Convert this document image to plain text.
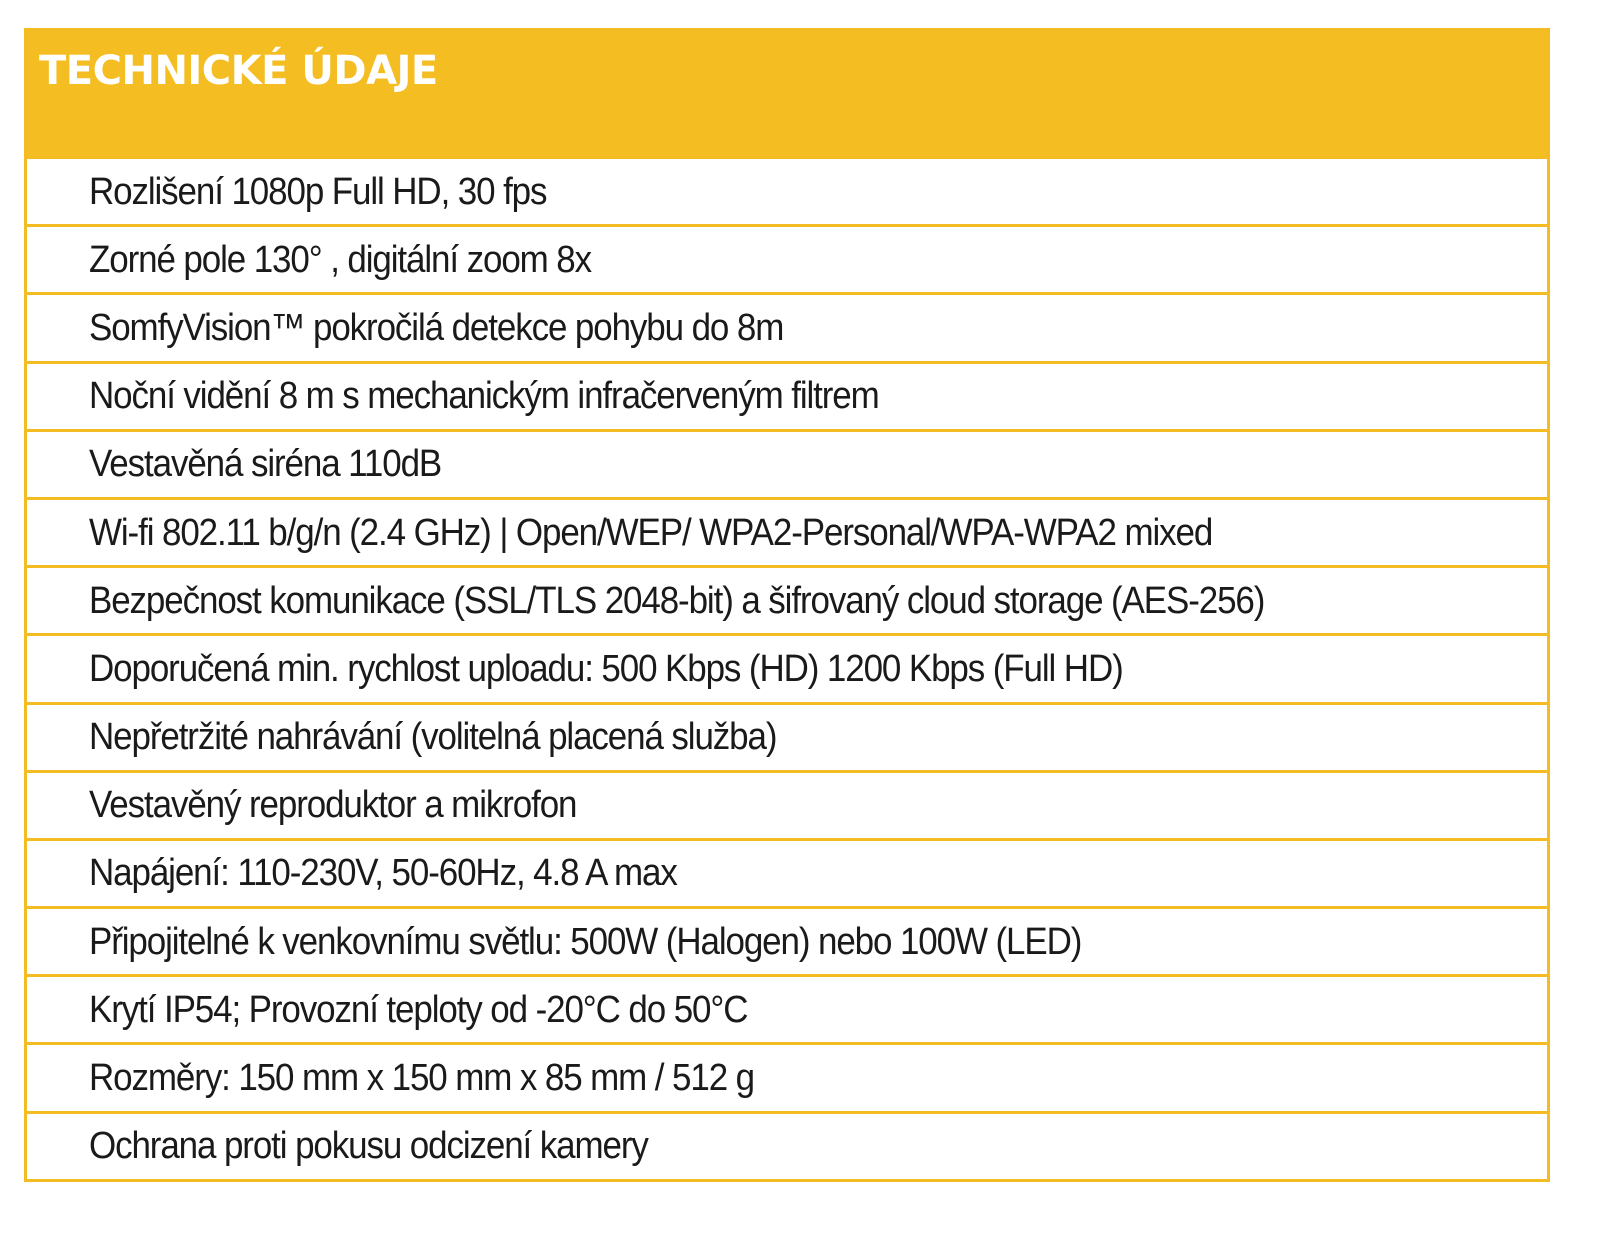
TECHNICKÉ ÚDAJE
Rozlišení 1080p Full HD, 30 fps
Zorné pole 130° , digitální zoom 8x
SomfyVision™ pokročilá detekce pohybu do 8m
Noční vidění 8 m s mechanickým infračerveným filtrem
Vestavěná siréna 110dB
Wi-fi 802.11 b/g/n (2.4 GHz) | Open/WEP/ WPA2-Personal/WPA-WPA2 mixed
Bezpečnost komunikace (SSL/TLS 2048-bit) a šifrovaný cloud storage (AES-256)
Doporučená min. rychlost uploadu: 500 Kbps (HD) 1200 Kbps (Full HD)
Nepřetržité nahrávání (volitelná placená služba)
Vestavěný reproduktor a mikrofon
Napájení: 110-230V, 50-60Hz, 4.8 A max
Připojitelné k venkovnímu světlu: 500W (Halogen) nebo 100W (LED)
Krytí IP54; Provozní teploty od -20°C do 50°C
Rozměry: 150 mm x 150 mm x 85 mm / 512 g
Ochrana proti pokusu odcizení kamery
